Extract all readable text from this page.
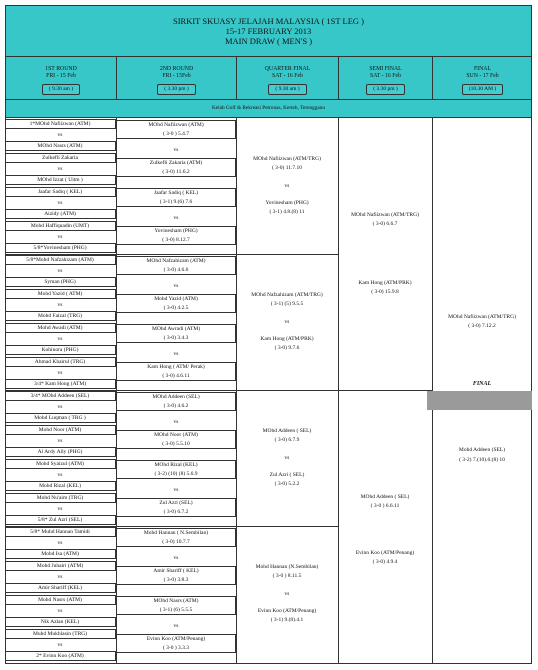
SIRKIT SKUASY JELAJAH MALAYSIA ( 1ST LEG )
15-17 FEBRUARY 2013
MAIN DRAW ( MEN'S )
1ST ROUND
FRI - 15 Feb
( 9.30 am )
2ND ROUND
FRI - 15Feb
( 3.30 pm )
QUARTER FINAL
SAT - 16 Feb
( 9.30 am )
SEMI FINAL
SAT - 16 Feb
( 3.30 pm )
FINAL
SUN - 17 Feb
(10.30 AM )
Kelab Golf & Rekreasi Petronas, Kerteh, Terengganu
1*MOhd Nafiizwan (ATM)
vs
MOhd Nasrs (ATM)
Zulkefli Zakaria
vs
MOhd Izzat ( Uitm )
Jaafar Sadiq ( KEL)
vs
Aizidy (ATM)
Mohd Haffiquadin (UMT)
vs
5/8*Yovinesham (PHG)
5/8*Mohd Nafzahizam (ATM)
vs
Syman (PHG)
Mohd Yazid ( ATM)
vs
Mohd Faizal (TRG)
Mohd Awadi (ATM)
vs
Kohinora (PHG)
Ahmad Khairul (TRG)
vs
3/4* Kam Hong (ATM)
3/4* MOhd Addeen (SEL)
vs
Mohd Luqman ( TRG )
Mohd Noor (ATM)
vs
Al Ardy Ally (PHG)
Mohd Syaizul (ATM)
vs
Mohd Rizal (KEL)
Mohd Nu'aim (TRG)
vs
5/8* Zul Azri (SEL)
5/8* Muhd Hannan Tamidi
vs
Mohd Isa (ATM)
Mohd Juhairi (ATM)
vs
Amir Shariff (KEL)
Mohd Nasrs (ATM)
vs
Nik Azlan (KEL)
Muhd Mukhlasin (TRG)
vs
2* Evinn Koo (ATM)
MOhd Nafiizwan (ATM)
( 3-0 ) 5.4.7
vs
Zulkefli Zakaria (ATM)
( 3-0) 11.6.2
Jaafar Sadiq ( KEL)
( 3-1) 9.(6) 7.6
vs
Yovinesham (PHG)
( 3-0) 8.12.7
MOhd Nafzahizam (ATM)
( 3-0) 4.6.6
vs
Mohd Yazid (ATM)
( 3-0) 4.2.5
MOhd Awradi (ATM)
( 3-0) 3.4.3
vs
Kam Hong ( ATM/ Perak)
( 3-0) 4.6.11
MOhd Addeen (SEL)
( 3-0) 4.6.2
vs
MOhd Noor (ATM)
( 3-0) 5.5.10
MOhd Rizal (KEL)
( 3-2) (10) (8) 5.6.9
vs
Zul Azri (SEL)
( 3-0) 6.7.2
Mohd Hannan ( N.Sembilan)
( 3-0) 10.7.7
vs
Amir Shariff ( KEL)
( 3-0) 3.8.3
MOhd Nasrs (ATM)
( 3-1) (6) 5.5.5
vs
Evinn Koo (ATM/Penang)
( 3-0 ) 3.3.3
MOhd Nafiizwan (ATM/TRG)
( 3-0) 11.7.10
vs
Yovinesham (PHG)
( 3-1) 4.8.(8) 11
MOhd Nafzahizam (ATM/TRG)
( 3-1) (5) 9.5.5
vs
Kam Hong (ATM/PRK)
( 3-0) 9.7.6
MOhd Addeen ( SEL)
( 3-0) 6.7.9
vs
Zul Azri ( SEL)
( 3-0) 5.2.2
Mohd Hannan (N.Sembilan)
( 3-0 ) 8.11.5
vs
Evinn Koo (ATM/Penang)
( 3-1) 9.(8).4.1
MOhd Nafiizwan (ATM/TRG)
( 3-0) 6.6.7
Kam Hong (ATM/PRK)
( 3-0) 15.9.8
MOhd Addeen ( SEL)
( 3-0 ) 6.6.11
Evinn Koo (ATM/Penang)
( 3-0) 4.9.4
MOhd Nafiizwan (ATM/TRG)
( 3-0) 7.12.2
Mohd Addeen (SEL)
( 3-2) 7.(10).6.(8) 10
FINAL
